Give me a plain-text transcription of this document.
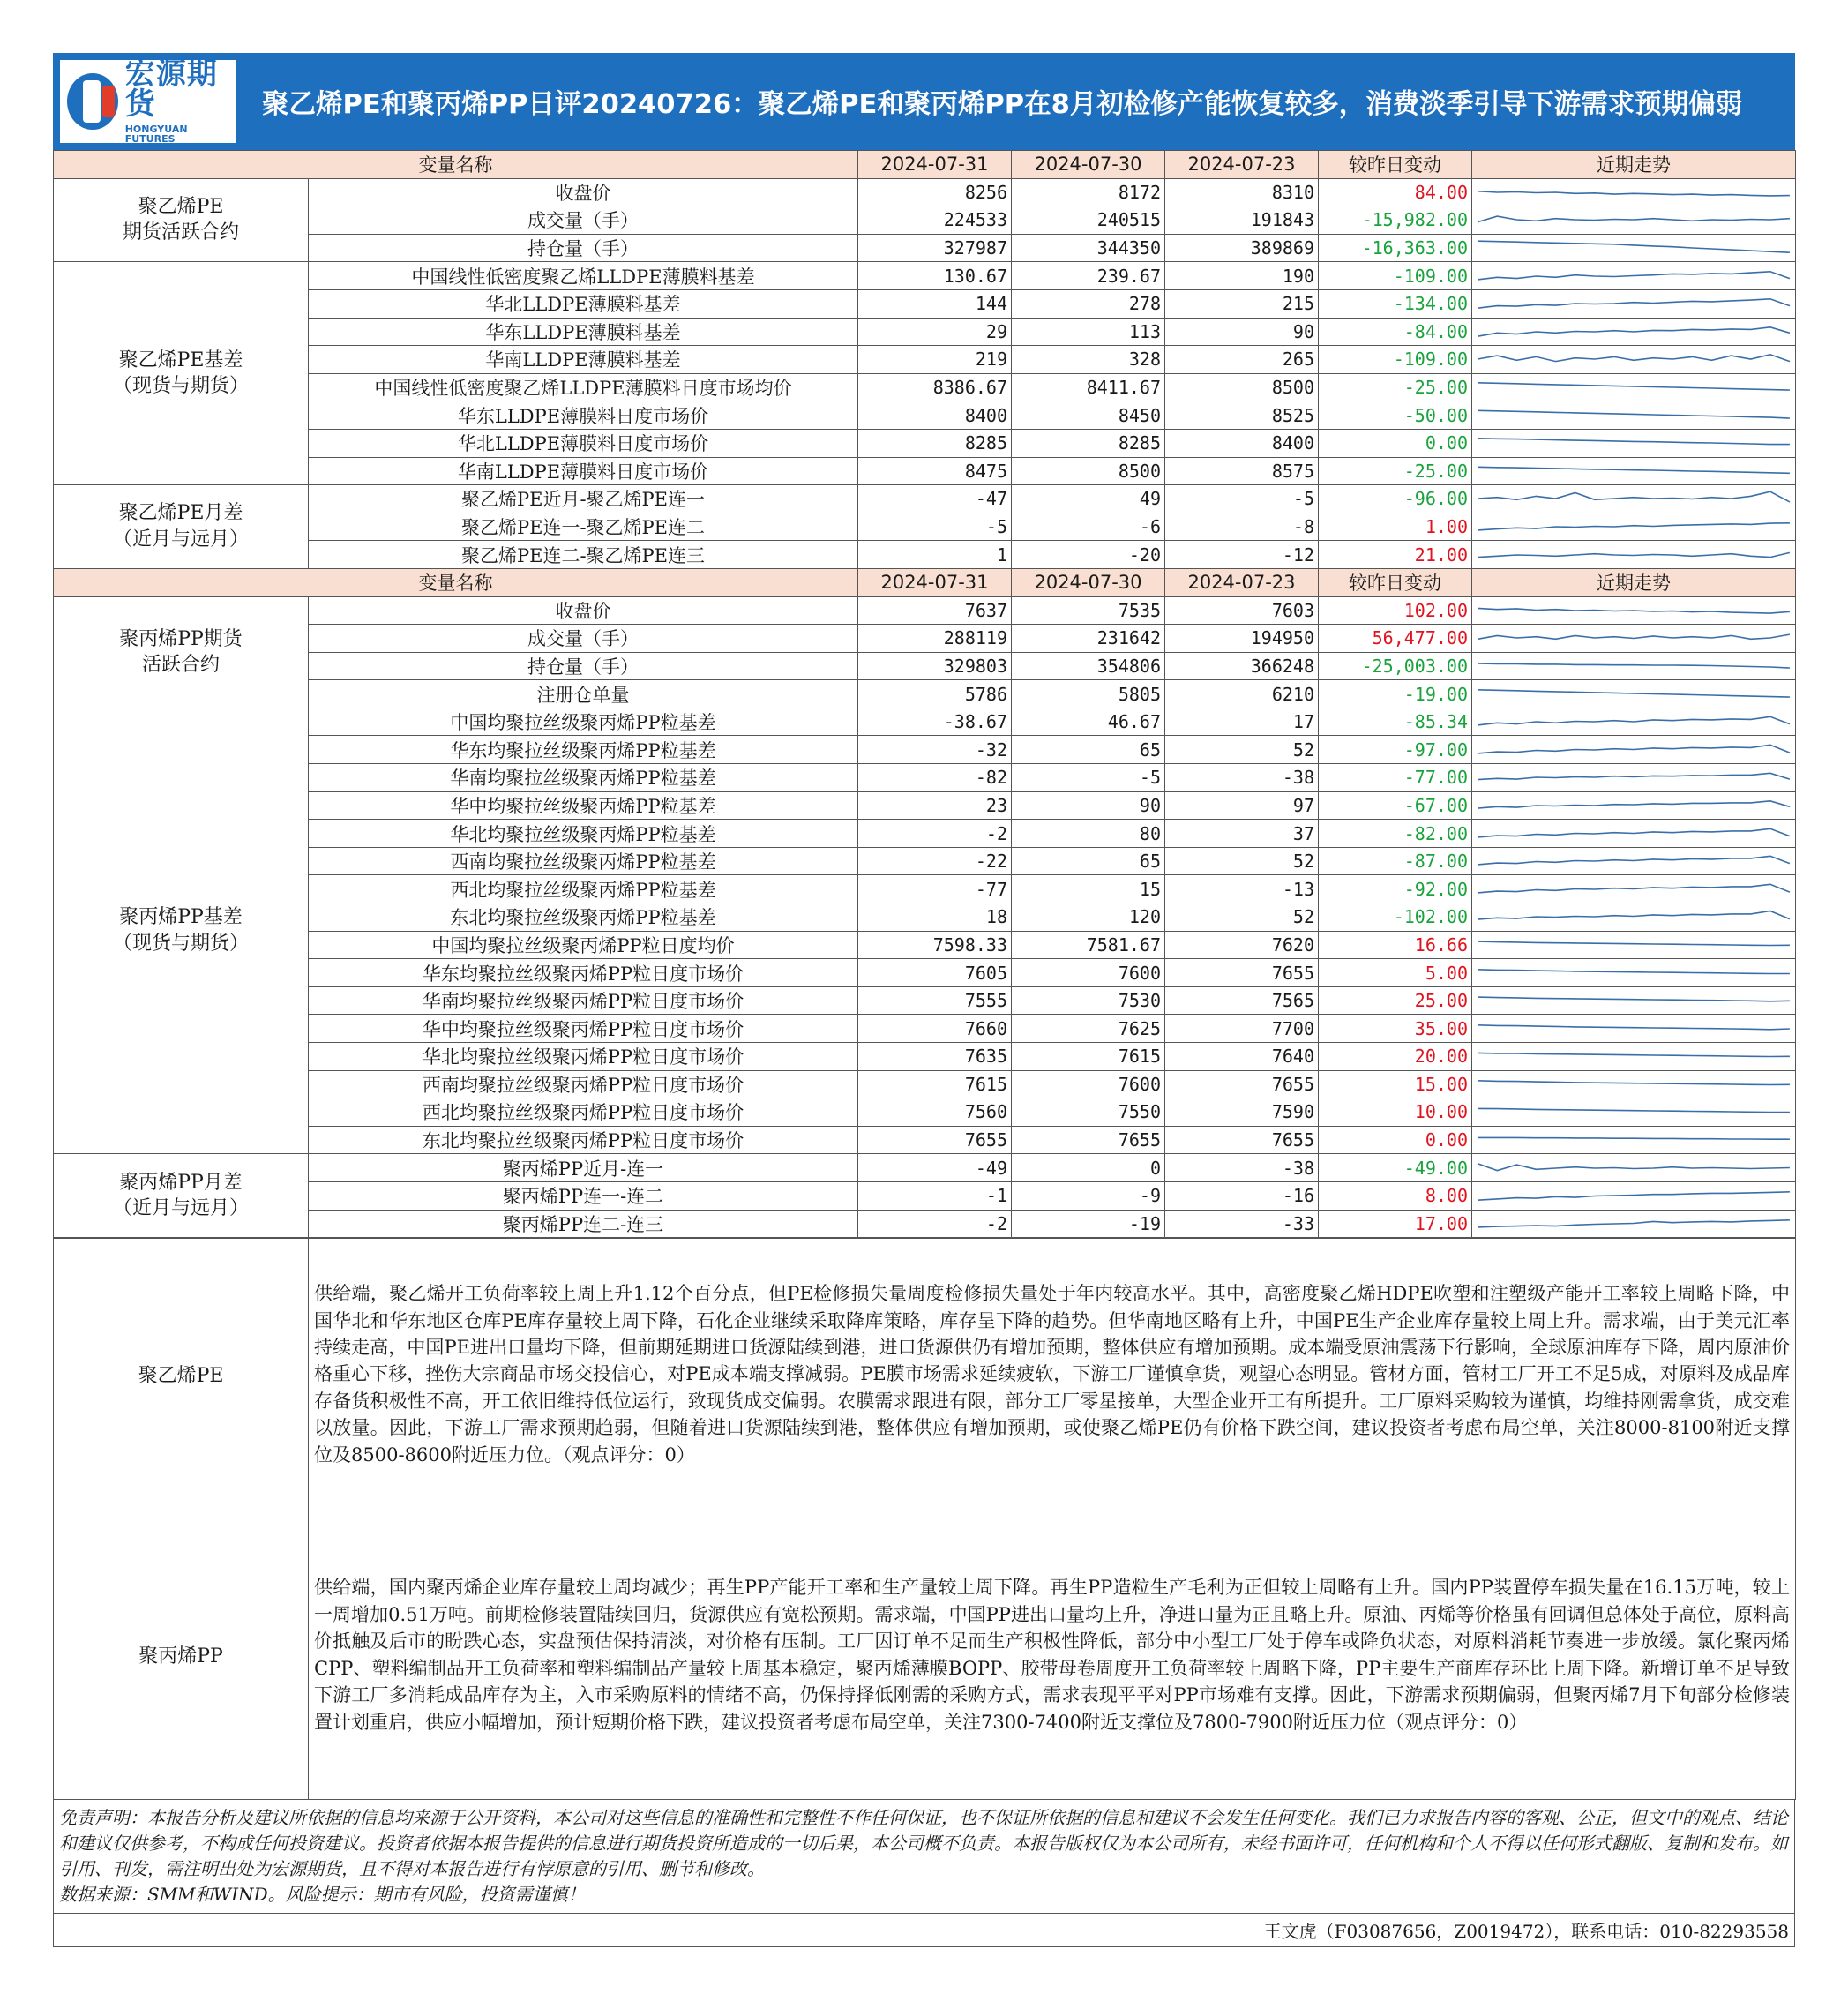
宏源期货
HONGYUAN FUTURES
聚乙烯PE和聚丙烯PP日评20240726：聚乙烯PE和聚丙烯PP在8月初检修产能恢复较多，消费淡季引导下游需求预期偏弱
变量名称		2024-07-31	2024-07-30	2024-07-23	较昨日变动	近期走势
聚乙烯PE
期货活跃合约	收盘价	8256	8172	8310	84.00	

	成交量（手）	224533	240515	191843	-15,982.00	

	持仓量（手）	327987	344350	389869	-16,363.00	

聚乙烯PE基差
（现货与期货）	中国线性低密度聚乙烯LLDPE薄膜料基差	130.67	239.67	190	-109.00	

	华北LLDPE薄膜料基差	144	278	215	-134.00	

	华东LLDPE薄膜料基差	29	113	90	-84.00	

	华南LLDPE薄膜料基差	219	328	265	-109.00	

	中国线性低密度聚乙烯LLDPE薄膜料日度市场均价	8386.67	8411.67	8500	-25.00	

	华东LLDPE薄膜料日度市场价	8400	8450	8525	-50.00	

	华北LLDPE薄膜料日度市场价	8285	8285	8400	0.00	

	华南LLDPE薄膜料日度市场价	8475	8500	8575	-25.00	

聚乙烯PE月差
（近月与远月）	聚乙烯PE近月-聚乙烯PE连一	-47	49	-5	-96.00	

	聚乙烯PE连一-聚乙烯PE连二	-5	-6	-8	1.00	

	聚乙烯PE连二-聚乙烯PE连三	1	-20	-12	21.00	

变量名称		2024-07-31	2024-07-30	2024-07-23	较昨日变动	近期走势
聚丙烯PP期货
活跃合约	收盘价	7637	7535	7603	102.00	

	成交量（手）	288119	231642	194950	56,477.00	

	持仓量（手）	329803	354806	366248	-25,003.00	

	注册仓单量	5786	5805	6210	-19.00	

聚丙烯PP基差
（现货与期货）	中国均聚拉丝级聚丙烯PP粒基差	-38.67	46.67	17	-85.34	

	华东均聚拉丝级聚丙烯PP粒基差	-32	65	52	-97.00	

	华南均聚拉丝级聚丙烯PP粒基差	-82	-5	-38	-77.00	

	华中均聚拉丝级聚丙烯PP粒基差	23	90	97	-67.00	

	华北均聚拉丝级聚丙烯PP粒基差	-2	80	37	-82.00	

	西南均聚拉丝级聚丙烯PP粒基差	-22	65	52	-87.00	

	西北均聚拉丝级聚丙烯PP粒基差	-77	15	-13	-92.00	

	东北均聚拉丝级聚丙烯PP粒基差	18	120	52	-102.00	

	中国均聚拉丝级聚丙烯PP粒日度均价	7598.33	7581.67	7620	16.66	

	华东均聚拉丝级聚丙烯PP粒日度市场价	7605	7600	7655	5.00	

	华南均聚拉丝级聚丙烯PP粒日度市场价	7555	7530	7565	25.00	

	华中均聚拉丝级聚丙烯PP粒日度市场价	7660	7625	7700	35.00	

	华北均聚拉丝级聚丙烯PP粒日度市场价	7635	7615	7640	20.00	

	西南均聚拉丝级聚丙烯PP粒日度市场价	7615	7600	7655	15.00	

	西北均聚拉丝级聚丙烯PP粒日度市场价	7560	7550	7590	10.00	

	东北均聚拉丝级聚丙烯PP粒日度市场价	7655	7655	7655	0.00	

聚丙烯PP月差
（近月与远月）	聚丙烯PP近月-连一	-49	0	-38	-49.00	

	聚丙烯PP连一-连二	-1	-9	-16	8.00	

	聚丙烯PP连二-连三	-2	-19	-33	17.00	
聚乙烯PE	供给端，聚乙烯开工负荷率较上周上升1.12个百分点，但PE检修损失量周度检修损失量处于年内较高水平。其中，高密度聚乙烯HDPE吹塑和注塑级产能开工率较上周略下降，中国华北和华东地区仓库PE库存量较上周下降，石化企业继续采取降库策略，库存呈下降的趋势。但华南地区略有上升，中国PE生产企业库存量较上周上升。需求端，由于美元汇率持续走高，中国PE进出口量均下降，但前期延期进口货源陆续到港，进口货源供仍有增加预期，整体供应有增加预期。成本端受原油震荡下行影响，全球原油库存下降，周内原油价格重心下移，挫伤大宗商品市场交投信心，对PE成本端支撑减弱。PE膜市场需求延续疲软，下游工厂谨慎拿货，观望心态明显。管材方面，管材工厂开工不足5成，对原料及成品库存备货积极性不高，开工依旧维持低位运行，致现货成交偏弱。农膜需求跟进有限，部分工厂零星接单，大型企业开工有所提升。工厂原料采购较为谨慎，均维持刚需拿货，成交难以放量。因此，下游工厂需求预期趋弱，但随着进口货源陆续到港，整体供应有增加预期，或使聚乙烯PE仍有价格下跌空间，建议投资者考虑布局空单，关注8000-8100附近支撑位及8500-8600附近压力位。（观点评分：0）
聚丙烯PP	供给端，国内聚丙烯企业库存量较上周均减少；再生PP产能开工率和生产量较上周下降。再生PP造粒生产毛利为正但较上周略有上升。国内PP装置停车损失量在16.15万吨，较上一周增加0.51万吨。前期检修装置陆续回归，货源供应有宽松预期。需求端，中国PP进出口量均上升，净进口量为正且略上升。原油、丙烯等价格虽有回调但总体处于高位，原料高价抵触及后市的盼跌心态，实盘预估保持清淡，对价格有压制。工厂因订单不足而生产积极性降低，部分中小型工厂处于停车或降负状态，对原料消耗节奏进一步放缓。氯化聚丙烯CPP、塑料编制品开工负荷率和塑料编制品产量较上周基本稳定，聚丙烯薄膜BOPP、胶带母卷周度开工负荷率较上周略下降，PP主要生产商库存环比上周下降。新增订单不足导致下游工厂多消耗成品库存为主，入市采购原料的情绪不高，仍保持择低刚需的采购方式，需求表现平平对PP市场难有支撑。因此，下游需求预期偏弱，但聚丙烯7月下旬部分检修装置计划重启，供应小幅增加，预计短期价格下跌，建议投资者考虑布局空单，关注7300-7400附近支撑位及7800-7900附近压力位（观点评分：0）
免责声明：本报告分析及建议所依据的信息均来源于公开资料，本公司对这些信息的准确性和完整性不作任何保证，也不保证所依据的信息和建议不会发生任何变化。我们已力求报告内容的客观、公正，但文中的观点、结论和建议仅供参考，不构成任何投资建议。投资者依据本报告提供的信息进行期货投资所造成的一切后果，本公司概不负责。本报告版权仅为本公司所有，未经书面许可，任何机构和个人不得以任何形式翻版、复制和发布。如引用、刊发，需注明出处为宏源期货，且不得对本报告进行有悖原意的引用、删节和修改。
数据来源：SMM和WIND。风险提示：期市有风险，投资需谨慎！
王文虎（F03087656，Z0019472），联系电话：010-82293558
